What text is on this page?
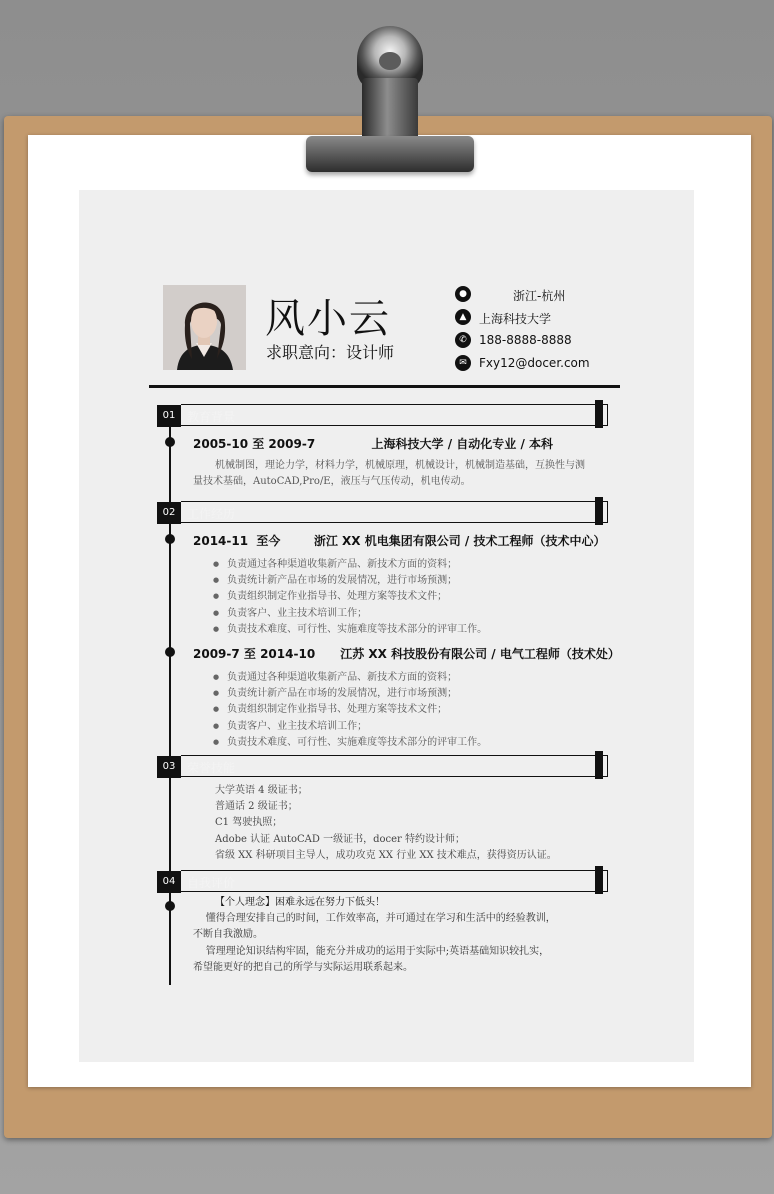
风小云
求职意向：设计师
●	浙江-杭州
▲	上海科技大学
✆	188-8888-8888
✉	Fxy12@docer.com
01 教育背景
2005-10 至 2009-7	上海科技大学 / 自动化专业 / 本科
机械制图，理论力学，材料力学，机械原理，机械设计，机械制造基础，互换性与测
量技术基础，AutoCAD,Pro/E，液压与气压传动，机电传动。
02 工作经历
2014-11  至今        浙江 XX 机电集团有限公司 / 技术工程师（技术中心）
● 负责通过各种渠道收集新产品、新技术方面的资料；
● 负责统计新产品在市场的发展情况，进行市场预测；
● 负责组织制定作业指导书、处理方案等技术文件；
● 负责客户、业主技术培训工作；
● 负责技术难度、可行性、实施难度等技术部分的评审工作。
2009-7 至 2014-10      江苏 XX 科技股份有限公司 / 电气工程师（技术处）
● 负责通过各种渠道收集新产品、新技术方面的资料；
● 负责统计新产品在市场的发展情况，进行市场预测；
● 负责组织制定作业指导书、处理方案等技术文件；
● 负责客户、业主技术培训工作；
● 负责技术难度、可行性、实施难度等技术部分的评审工作。
03 荣誉技能
大学英语 4 级证书；
普通话 2 级证书；
C1 驾驶执照；
Adobe 认证 AutoCAD 一级证书，docer 特约设计师；
省级 XX 科研项目主导人，成功攻克 XX 行业 XX 技术难点，获得资历认证。
04 自我评价
【个人理念】困难永远在努力下低头！
懂得合理安排自己的时间，工作效率高，并可通过在学习和生活中的经验教训，
不断自我激励。
管理理论知识结构牢固，能充分并成功的运用于实际中;英语基础知识较扎实，
希望能更好的把自己的所学与实际运用联系起来。
